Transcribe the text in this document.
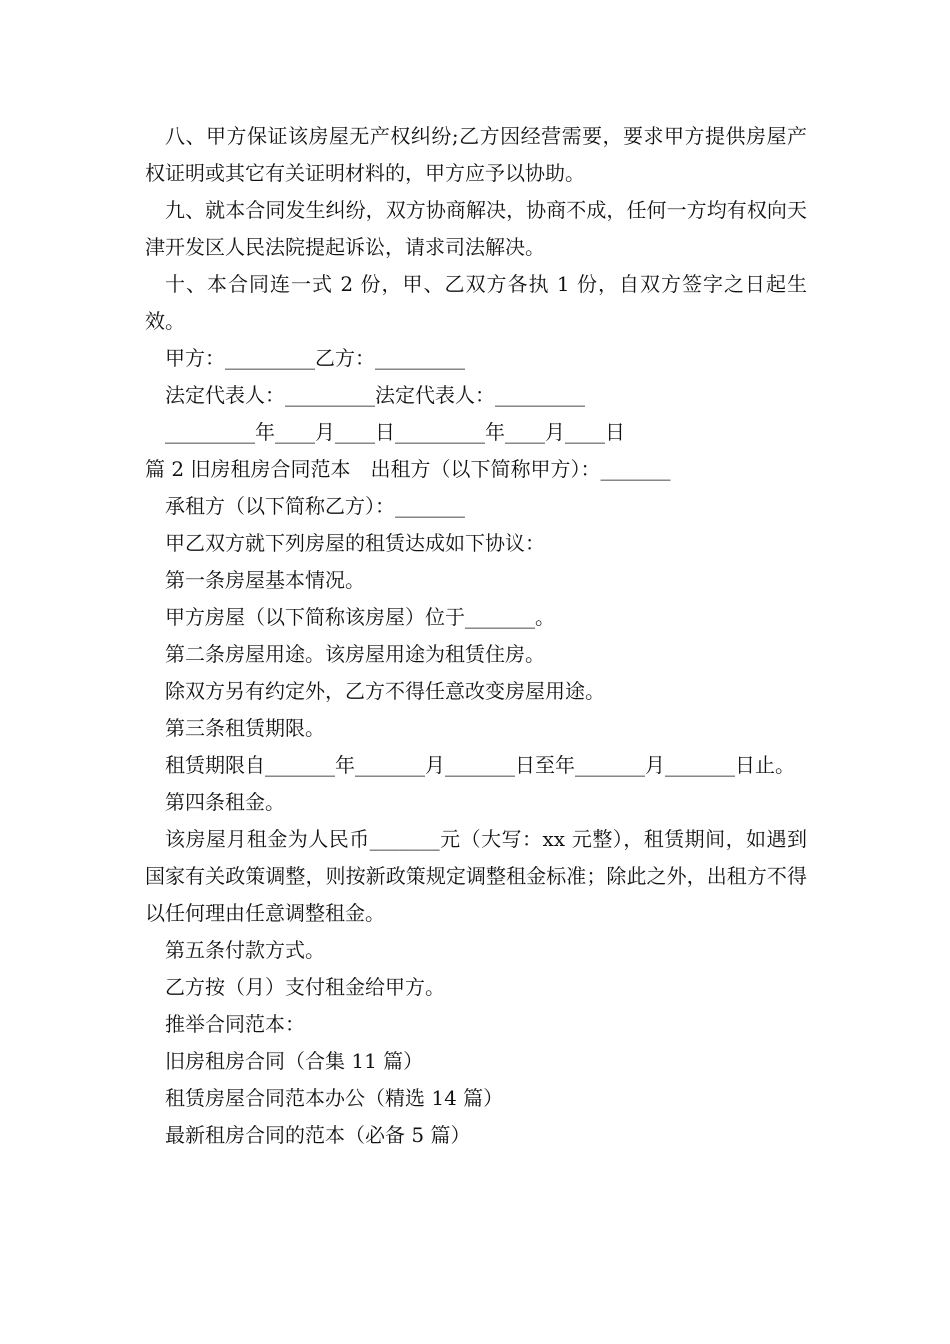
八、甲方保证该房屋无产权纠纷;乙方因经营需要，要求甲方提供房屋产权证明或其它有关证明材料的，甲方应予以协助。

九、就本合同发生纠纷，双方协商解决，协商不成，任何一方均有权向天津开发区人民法院提起诉讼，请求司法解决。

十、本合同连一式 2 份，甲、乙双方各执 1 份，自双方签字之日起生效。

甲方：_________乙方：_________

法定代表人：_________法定代表人：_________

_________年____月____日_________年____月____日

篇 2 旧房租房合同范本　出租方（以下简称甲方）：_______

承租方（以下简称乙方）：_______

甲乙双方就下列房屋的租赁达成如下协议：

第一条房屋基本情况。

甲方房屋（以下简称该房屋）位于_______。

第二条房屋用途。该房屋用途为租赁住房。

除双方另有约定外，乙方不得任意改变房屋用途。

第三条租赁期限。

租赁期限自_______年_______月_______日至年_______月_______日止。

第四条租金。

该房屋月租金为人民币_______元（大写：xx 元整），租赁期间，如遇到国家有关政策调整，则按新政策规定调整租金标准；除此之外，出租方不得以任何理由任意调整租金。

第五条付款方式。

乙方按（月）支付租金给甲方。

推举合同范本：

旧房租房合同（合集 11 篇）

租赁房屋合同范本办公（精选 14 篇）

最新租房合同的范本（必备 5 篇）
